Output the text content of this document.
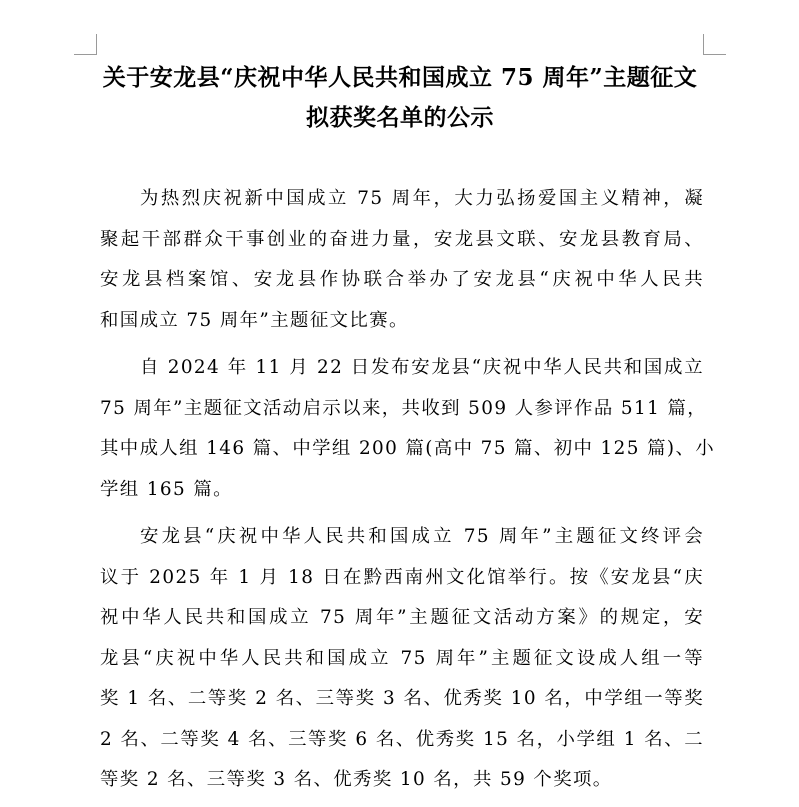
关于安龙县“庆祝中华人民共和国成立 75 周年”主题征文
拟获奖名单的公示
为热烈庆祝新中国成立 75 周年，大力弘扬爱国主义精神，凝
聚起干部群众干事创业的奋进力量，安龙县文联、安龙县教育局、
安龙县档案馆、安龙县作协联合举办了安龙县“庆祝中华人民共
和国成立 75 周年”主题征文比赛。
自 2024 年 11 月 22 日发布安龙县“庆祝中华人民共和国成立
75 周年”主题征文活动启示以来，共收到 509 人参评作品 511 篇，
其中成人组 146 篇、中学组 200 篇(高中 75 篇、初中 125 篇)、小
学组 165 篇。
安龙县“庆祝中华人民共和国成立 75 周年”主题征文终评会
议于 2025 年 1 月 18 日在黔西南州文化馆举行。按《安龙县“庆
祝中华人民共和国成立 75 周年”主题征文活动方案》的规定，安
龙县“庆祝中华人民共和国成立 75 周年”主题征文设成人组一等
奖 1 名、二等奖 2 名、三等奖 3 名、优秀奖 10 名，中学组一等奖
2 名、二等奖 4 名、三等奖 6 名、优秀奖 15 名，小学组 1 名、二
等奖 2 名、三等奖 3 名、优秀奖 10 名，共 59 个奖项。
